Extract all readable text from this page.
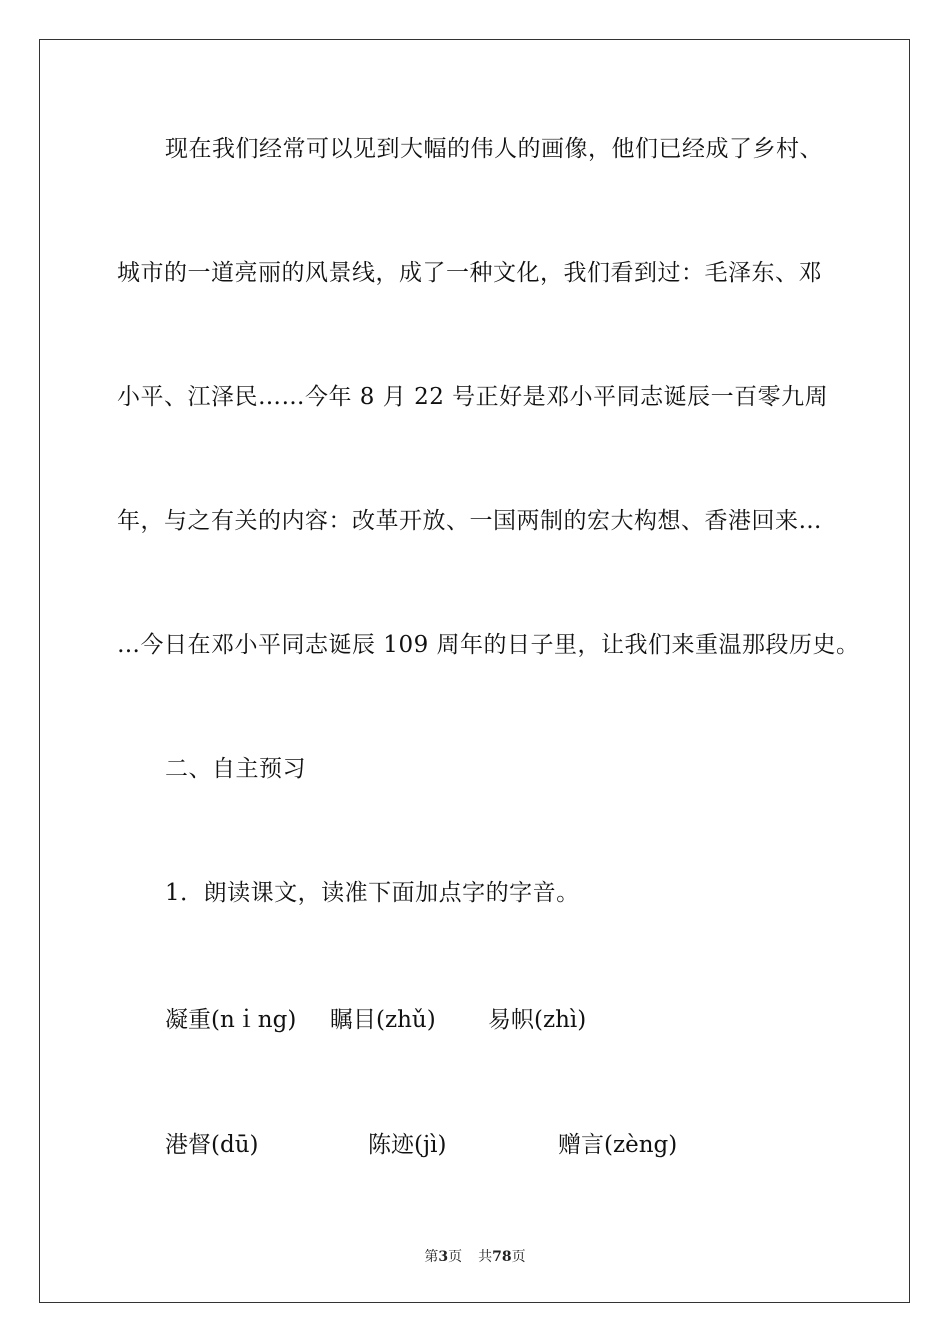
现在我们经常可以见到大幅的伟人的画像，他们已经成了乡村、
城市的一道亮丽的风景线，成了一种文化，我们看到过：毛泽东、邓
小平、江泽民……今年 8 月 22 号正好是邓小平同志诞辰一百零九周
年，与之有关的内容：改革开放、一国两制的宏大构想、香港回来…
…今日在邓小平同志诞辰 109 周年的日子里，让我们来重温那段历史。
二、自主预习
1．朗读课文，读准下面加点字的字音。
凝重(nｉng) 瞩目(zhǔ) 易帜(zhì)
港督(dū)	陈迹(jì)	赠言(zèng)
第3页 共78页
